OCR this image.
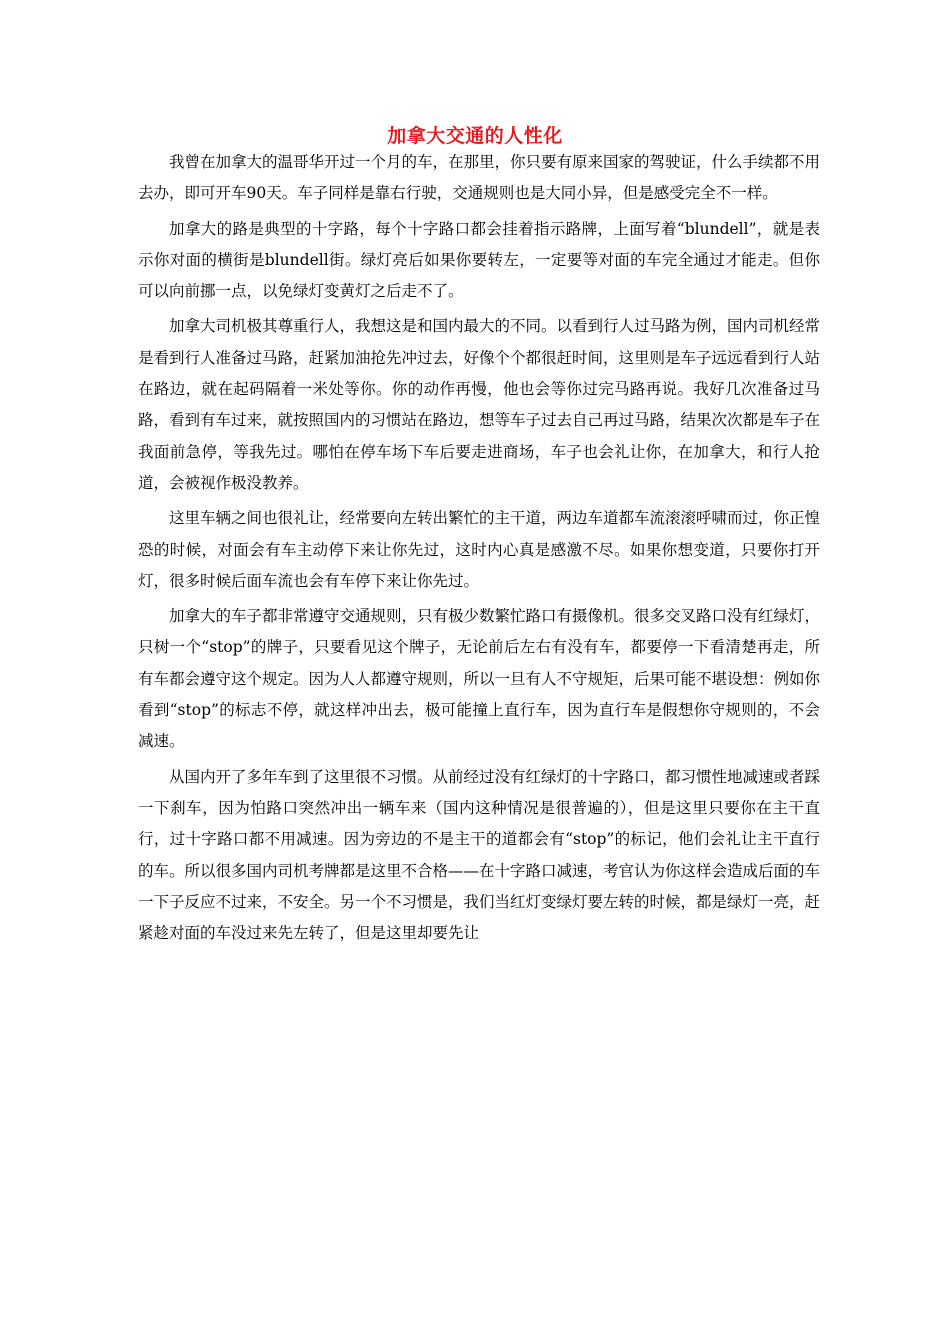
加拿大交通的人性化

我曾在加拿大的温哥华开过一个月的车，在那里，你只要有原来国家的驾驶证，什么手续都不用去办，即可开车90天。车子同样是靠右行驶，交通规则也是大同小异，但是感受完全不一样。

加拿大的路是典型的十字路，每个十字路口都会挂着指示路牌，上面写着“blundell”，就是表示你对面的横街是blundell街。绿灯亮后如果你要转左，一定要等对面的车完全通过才能走。但你可以向前挪一点，以免绿灯变黄灯之后走不了。

加拿大司机极其尊重行人，我想这是和国内最大的不同。以看到行人过马路为例，国内司机经常是看到行人准备过马路，赶紧加油抢先冲过去，好像个个都很赶时间，这里则是车子远远看到行人站在路边，就在起码隔着一米处等你。你的动作再慢，他也会等你过完马路再说。我好几次准备过马路，看到有车过来，就按照国内的习惯站在路边，想等车子过去自己再过马路，结果次次都是车子在我面前急停，等我先过。哪怕在停车场下车后要走进商场，车子也会礼让你，在加拿大，和行人抢道，会被视作极没教养。

这里车辆之间也很礼让，经常要向左转出繁忙的主干道，两边车道都车流滚滚呼啸而过，你正惶恐的时候，对面会有车主动停下来让你先过，这时内心真是感激不尽。如果你想变道，只要你打开灯，很多时候后面车流也会有车停下来让你先过。

加拿大的车子都非常遵守交通规则，只有极少数繁忙路口有摄像机。很多交叉路口没有红绿灯，只树一个“stop”的牌子，只要看见这个牌子，无论前后左右有没有车，都要停一下看清楚再走，所有车都会遵守这个规定。因为人人都遵守规则，所以一旦有人不守规矩，后果可能不堪设想：例如你看到“stop”的标志不停，就这样冲出去，极可能撞上直行车，因为直行车是假想你守规则的，不会减速。

从国内开了多年车到了这里很不习惯。从前经过没有红绿灯的十字路口，都习惯性地减速或者踩一下刹车，因为怕路口突然冲出一辆车来（国内这种情况是很普遍的），但是这里只要你在主干直行，过十字路口都不用减速。因为旁边的不是主干的道都会有“stop”的标记，他们会礼让主干直行的车。所以很多国内司机考牌都是这里不合格——在十字路口减速，考官认为你这样会造成后面的车一下子反应不过来，不安全。另一个不习惯是，我们当红灯变绿灯要左转的时候，都是绿灯一亮，赶紧趁对面的车没过来先左转了，但是这里却要先让
